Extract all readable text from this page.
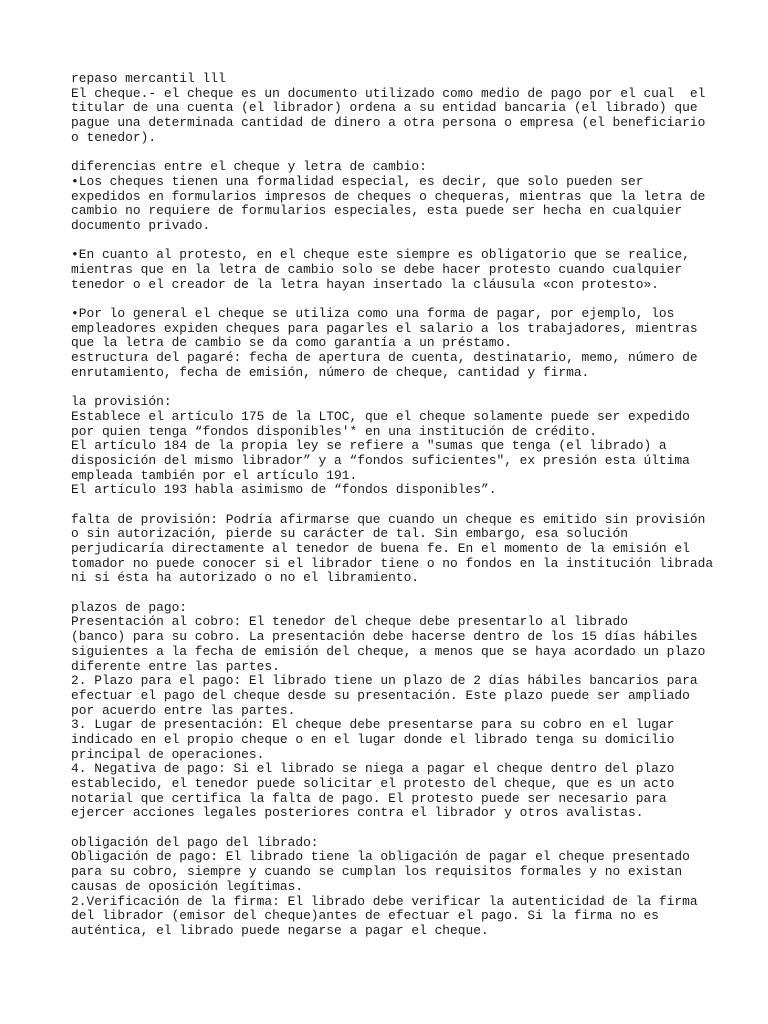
repaso mercantil lll
El cheque.- el cheque es un documento utilizado como medio de pago por el cual  el
titular de una cuenta (el librador) ordena a su entidad bancaria (el librado) que
pague una determinada cantidad de dinero a otra persona o empresa (el beneficiario
o tenedor).
diferencias entre el cheque y letra de cambio:
•Los cheques tienen una formalidad especial, es decir, que solo pueden ser
expedidos en formularios impresos de cheques o chequeras, mientras que la letra de
cambio no requiere de formularios especiales, esta puede ser hecha en cualquier
documento privado.
•En cuanto al protesto, en el cheque este siempre es obligatorio que se realice,
mientras que en la letra de cambio solo se debe hacer protesto cuando cualquier
tenedor o el creador de la letra hayan insertado la cláusula «con protesto».
•Por lo general el cheque se utiliza como una forma de pagar, por ejemplo, los
empleadores expiden cheques para pagarles el salario a los trabajadores, mientras
que la letra de cambio se da como garantía a un préstamo.
estructura del pagaré: fecha de apertura de cuenta, destinatario, memo, número de
enrutamiento, fecha de emisión, número de cheque, cantidad y firma.
la provisión:
Establece el artículo 175 de la LTOC, que el cheque solamente puede ser expedido
por quien tenga “fondos disponibles'* en una institución de crédito.
El artículo 184 de la propia ley se refiere a "sumas que tenga (el librado) a
disposición del mismo librador” y a “fondos suficientes", ex presión esta última
empleada también por el artículo 191.
El artículo 193 habla asimismo de “fondos disponibles”.
falta de provisión: Podría afirmarse que cuando un cheque es emitido sin provisión
o sin autorización, pierde su carácter de tal. Sin embargo, esa solución
perjudicaría directamente al tenedor de buena fe. En el momento de la emisión el
tomador no puede conocer si el librador tiene o no fondos en la institución librada
ni si ésta ha autorizado o no el libramiento.
plazos de pago:
Presentación al cobro: El tenedor del cheque debe presentarlo al librado
(banco) para su cobro. La presentación debe hacerse dentro de los 15 días hábiles
siguientes a la fecha de emisión del cheque, a menos que se haya acordado un plazo
diferente entre las partes.
2. Plazo para el pago: El librado tiene un plazo de 2 días hábiles bancarios para
efectuar el pago del cheque desde su presentación. Este plazo puede ser ampliado
por acuerdo entre las partes.
3. Lugar de presentación: El cheque debe presentarse para su cobro en el lugar
indicado en el propio cheque o en el lugar donde el librado tenga su domicilio
principal de operaciones.
4. Negativa de pago: Si el librado se niega a pagar el cheque dentro del plazo
establecido, el tenedor puede solicitar el protesto del cheque, que es un acto
notarial que certifica la falta de pago. El protesto puede ser necesario para
ejercer acciones legales posteriores contra el librador y otros avalistas.
obligación del pago del librado:
Obligación de pago: El librado tiene la obligación de pagar el cheque presentado
para su cobro, siempre y cuando se cumplan los requisitos formales y no existan
causas de oposición legítimas.
2.Verificación de la firma: El librado debe verificar la autenticidad de la firma
del librador (emisor del cheque)antes de efectuar el pago. Si la firma no es
auténtica, el librado puede negarse a pagar el cheque.
